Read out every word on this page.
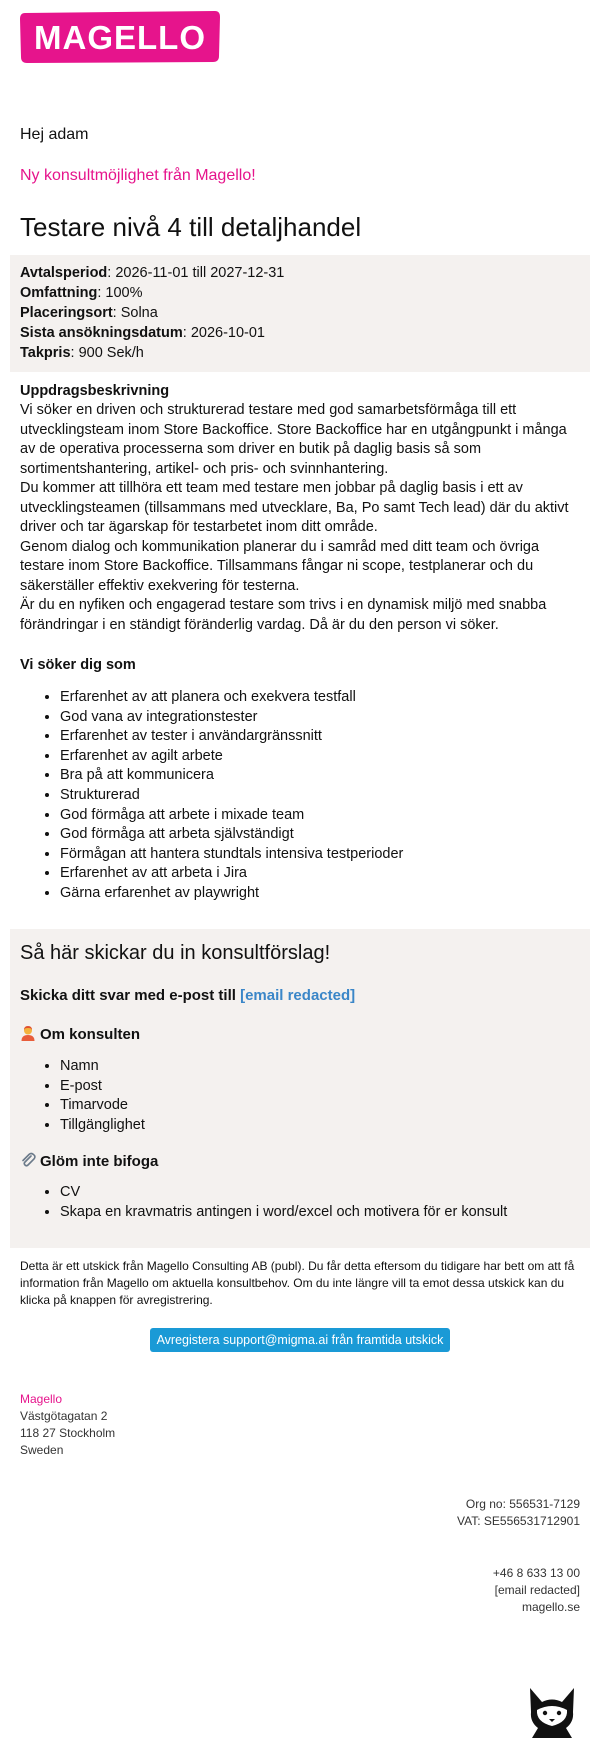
MAGELLO
Hej adam
Ny konsultmöjlighet från Magello!
Testare nivå 4 till detaljhandel
Avtalsperiod: 2026-11-01 till 2027-12-31
Omfattning: 100%
Placeringsort: Solna
Sista ansökningsdatum: 2026-10-01
Takpris: 900 Sek/h
Uppdragsbeskrivning

Vi söker en driven och strukturerad testare med god samarbetsförmåga till ett utvecklingsteam inom Store Backoffice. Store Backoffice har en utgångpunkt i många av de operativa processerna som driver en butik på daglig basis så som sortimentshantering, artikel- och pris- och svinnhantering.

Du kommer att tillhöra ett team med testare men jobbar på daglig basis i ett av utvecklingsteamen (tillsammans med utvecklare, Ba, Po samt Tech lead) där du aktivt driver och tar ägarskap för testarbetet inom ditt område.

Genom dialog och kommunikation planerar du i samråd med ditt team och övriga testare inom Store Backoffice. Tillsammans fångar ni scope, testplanerar och du säkerställer effektiv exekvering för testerna.

Är du en nyfiken och engagerad testare som trivs i en dynamisk miljö med snabba förändringar i en ständigt föränderlig vardag. Då är du den person vi söker.

Vi söker dig som
• Erfarenhet av att planera och exekvera testfall
• God vana av integrationstester
• Erfarenhet av tester i användargränssnitt
• Erfarenhet av agilt arbete
• Bra på att kommunicera
• Strukturerad
• God förmåga att arbete i mixade team
• God förmåga att arbeta självständigt
• Förmågan att hantera stundtals intensiva testperioder
• Erfarenhet av att arbeta i Jira
• Gärna erfarenhet av playwright
Så här skickar du in konsultförslag!
Skicka ditt svar med e-post till [email redacted]
Om konsulten
• Namn
• E-post
• Timarvode
• Tillgänglighet
Glöm inte bifoga
• CV
• Skapa en kravmatris antingen i word/excel och motivera för er konsult
Detta är ett utskick från Magello Consulting AB (publ). Du får detta eftersom du tidigare har bett om att få information från Magello om aktuella konsultbehov. Om du inte längre vill ta emot dessa utskick kan du klicka på knappen för avregistrering.
Avregistera support@migma.ai från framtida utskick
Magello
Västgötagatan 2
118 27 Stockholm
Sweden
Org no: 556531-7129
VAT: SE556531712901
+46 8 633 13 00
[email redacted]
magello.se
